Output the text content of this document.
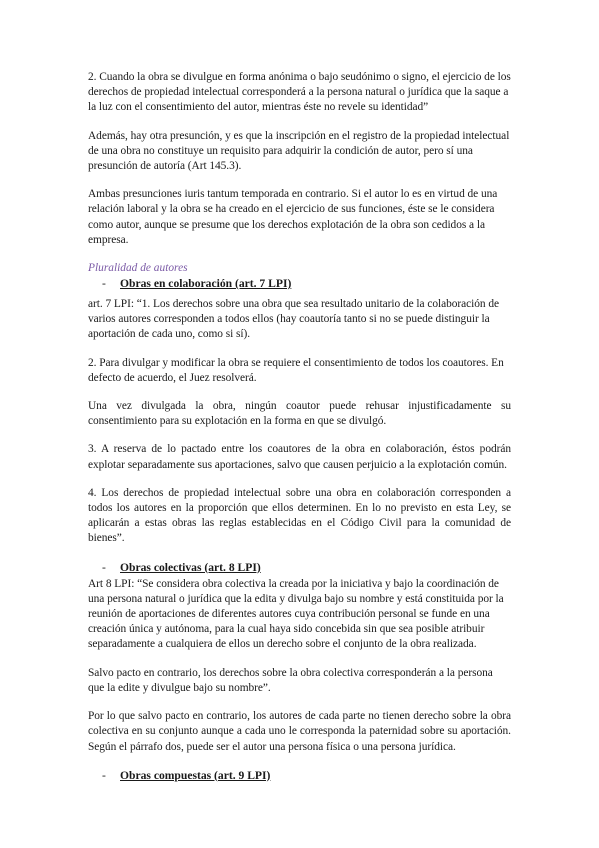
2. Cuando la obra se divulgue en forma anónima o bajo seudónimo o signo, el ejercicio de los derechos de propiedad intelectual corresponderá a la persona natural o jurídica que la saque a la luz con el consentimiento del autor, mientras éste no revele su identidad”

Además, hay otra presunción, y es que la inscripción en el registro de la propiedad intelectual de una obra no constituye un requisito para adquirir la condición de autor, pero sí una presunción de autoría (Art 145.3).

Ambas presunciones iuris tantum temporada en contrario. Si el autor lo es en virtud de una relación laboral y la obra se ha creado en el ejercicio de sus funciones, éste se le considera como autor, aunque se presume que los derechos explotación de la obra son cedidos a la empresa.

Pluralidad de autores
-	Obras en colaboración (art. 7 LPI)

art. 7 LPI: “1. Los derechos sobre una obra que sea resultado unitario de la colaboración de varios autores corresponden a todos ellos (hay coautoría tanto si no se puede distinguir la aportación de cada uno, como si sí).

2. Para divulgar y modificar la obra se requiere el consentimiento de todos los coautores. En defecto de acuerdo, el Juez resolverá.

Una vez divulgada la obra, ningún coautor puede rehusar injustificadamente su consentimiento para su explotación en la forma en que se divulgó.

3. A reserva de lo pactado entre los coautores de la obra en colaboración, éstos podrán explotar separadamente sus aportaciones, salvo que causen perjuicio a la explotación común.

4. Los derechos de propiedad intelectual sobre una obra en colaboración corresponden a todos los autores en la proporción que ellos determinen. En lo no previsto en esta Ley, se aplicarán a estas obras las reglas establecidas en el Código Civil para la comunidad de bienes”.

-	Obras colectivas (art. 8 LPI)

Art 8 LPI: “Se considera obra colectiva la creada por la iniciativa y bajo la coordinación de una persona natural o jurídica que la edita y divulga bajo su nombre y está constituida por la reunión de aportaciones de diferentes autores cuya contribución personal se funde en una creación única y autónoma, para la cual haya sido concebida sin que sea posible atribuir separadamente a cualquiera de ellos un derecho sobre el conjunto de la obra realizada.

Salvo pacto en contrario, los derechos sobre la obra colectiva corresponderán a la persona que la edite y divulgue bajo su nombre”.

Por lo que salvo pacto en contrario, los autores de cada parte no tienen derecho sobre la obra colectiva en su conjunto aunque a cada uno le corresponda la paternidad sobre su aportación. Según el párrafo dos, puede ser el autor una persona física o una persona jurídica.

-	Obras compuestas (art. 9 LPI)
